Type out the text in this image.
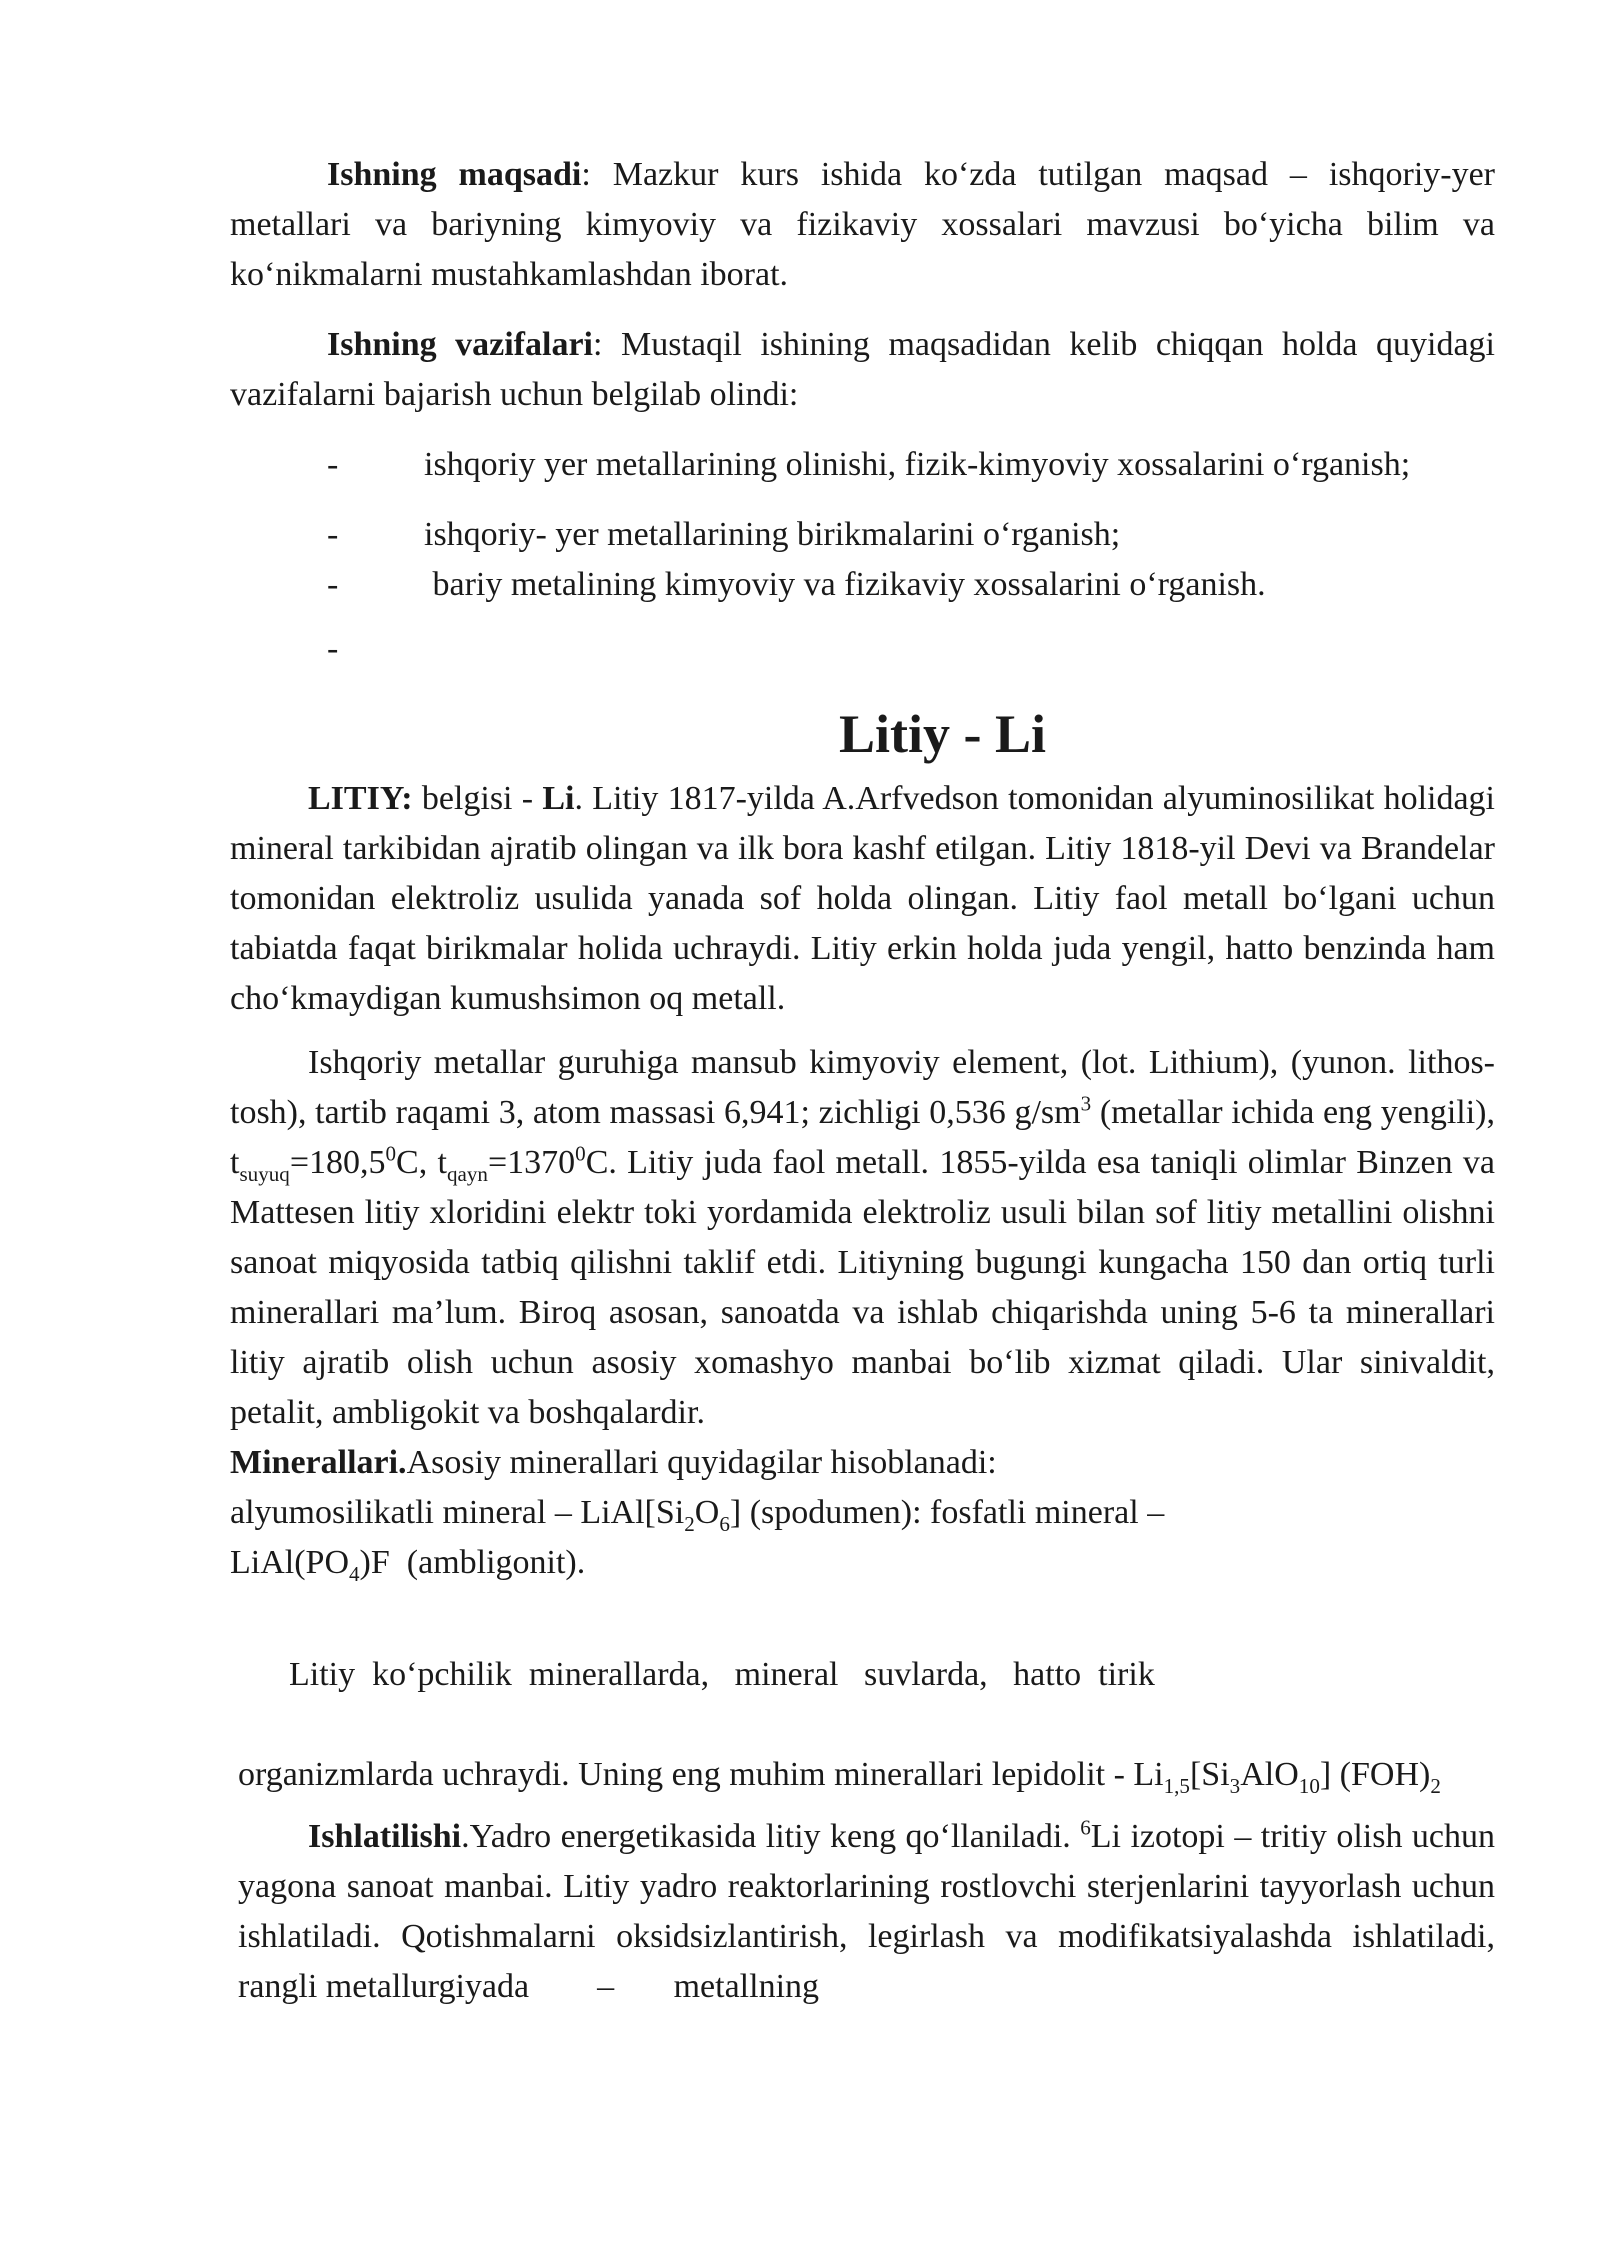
Ishning maqsadi: Mazkur kurs ishida ko‘zda tutilgan maqsad – ishqoriy-yer metallari va bariyning kimyoviy va fizikaviy xossalari mavzusi bo‘yicha bilim va ko‘nikmalarni mustahkamlashdan iborat.

Ishning vazifalari: Mustaqil ishining maqsadidan kelib chiqqan holda quyidagi vazifalarni bajarish uchun belgilab olindi:

-	ishqoriy yer metallarining olinishi, fizik-kimyoviy xossalarini o‘rganish;
-	ishqoriy- yer metallarining birikmalarini o‘rganish;
-	bariy metalining kimyoviy va fizikaviy xossalarini o‘rganish.
-
Litiy - Li

LITIY: belgisi - Li. Litiy 1817-yilda A.Arfvedson tomonidan alyuminosilikat holidagi mineral tarkibidan ajratib olingan va ilk bora kashf etilgan. Litiy 1818-yil Devi va Brandelar tomonidan elektroliz usulida yanada sof holda olingan. Litiy faol metall bo‘lgani uchun tabiatda faqat birikmalar holida uchraydi. Litiy erkin holda juda yengil, hatto benzinda ham cho‘kmaydigan kumushsimon oq metall.

Ishqoriy metallar guruhiga mansub kimyoviy element, (lot. Lithium), (yunon. lithos- tosh), tartib raqami 3, atom massasi 6,941; zichligi 0,536 $g/sm^3$ (metallar ichida eng yengili), $t_{suyuq}=180,5^0C$, $t_{qayn}=1370^0C$. Litiy juda faol metall. 1855-yilda esa taniqli olimlar Binzen va Mattesen litiy xloridini elektr toki yordamida elektroliz usuli bilan sof litiy metallini olishni sanoat miqyosida tatbiq qilishni taklif etdi. Litiyning bugungi kungacha 150 dan ortiq turli minerallari ma’lum. Biroq asosan, sanoatda va ishlab chiqarishda uning 5-6 ta minerallari litiy ajratib olish uchun asosiy xomashyo manbai bo‘lib xizmat qiladi. Ular sinivaldit, petalit, ambligokit va boshqalardir.

Minerallari.Asosiy minerallari quyidagilar hisoblanadi:

alyumosilikatli mineral – $LiAl[Si_2O_6]$ (spodumen): fosfatli mineral –

$LiAl(PO_4)F$  (ambligonit).

Litiy  ko‘pchilik  minerallarda,   mineral   suvlarda,   hatto  tirik

organizmlarda uchraydi. Uning eng muhim minerallari lepidolit - $Li_{1,5}[Si_3AlO_{10}]$ $(FOH)_2$

Ishlatilishi.Yadro energetikasida litiy keng qo‘llaniladi. $^6$Li izotopi – tritiy olish uchun yagona sanoat manbai. Litiy yadro reaktorlarining rostlovchi sterjenlarini tayyorlash uchun ishlatiladi. Qotishmalarni oksidsizlantirish, legirlash va modifikatsiyalashda ishlatiladi, rangli metallurgiyada        –       metallning
